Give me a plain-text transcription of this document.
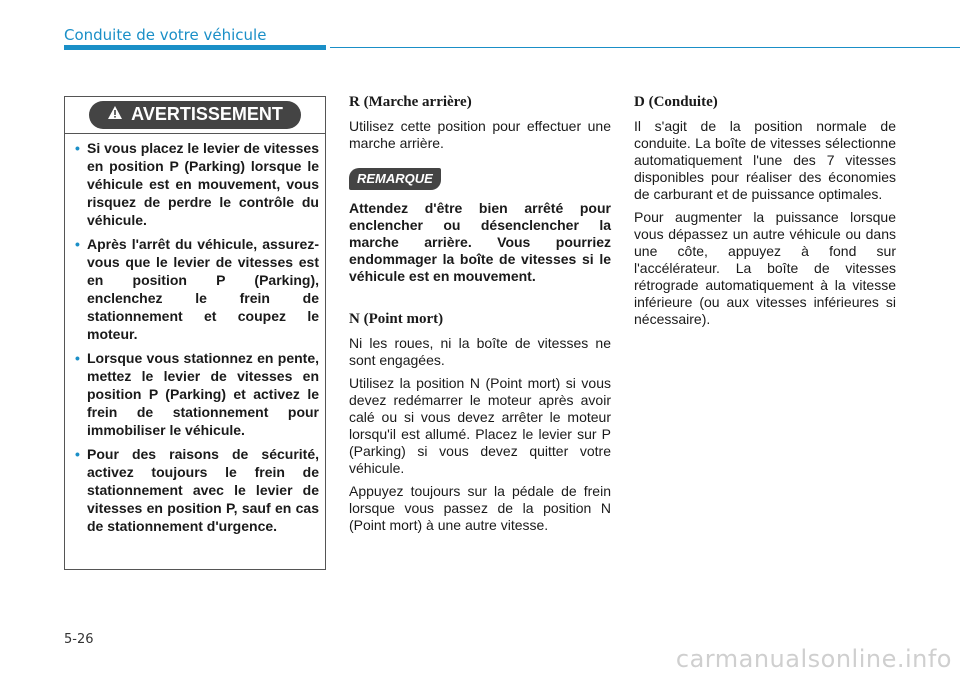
Conduite de votre véhicule
AVERTISSEMENT
• Si vous placez le levier de vitesses en position P (Parking) lorsque le véhicule est en mouvement, vous risquez de perdre le contrôle du véhicule.
• Après l'arrêt du véhicule, assurez-vous que le levier de vitesses est en position P (Parking), enclenchez le frein de stationnement et coupez le moteur.
• Lorsque vous stationnez en pente, mettez le levier de vitesses en position P (Parking) et activez le frein de stationnement pour immobiliser le véhicule.
• Pour des raisons de sécurité, activez toujours le frein de stationnement avec le levier de vitesses en position P, sauf en cas de stationnement d'urgence.
R (Marche arrière)

Utilisez cette position pour effectuer une marche arrière.

REMARQUE

Attendez d'être bien arrêté pour enclencher ou désenclencher la marche arrière. Vous pourriez endommager la boîte de vitesses si le véhicule est en mouvement.

N (Point mort)

Ni les roues, ni la boîte de vitesses ne sont engagées.

Utilisez la position N (Point mort) si vous devez redémarrer le moteur après avoir calé ou si vous devez arrêter le moteur lorsqu'il est allumé. Placez le levier sur P (Parking) si vous devez quitter votre véhicule.

Appuyez toujours sur la pédale de frein lorsque vous passez de la position N (Point mort) à une autre vitesse.

D (Conduite)

Il s'agit de la position normale de conduite. La boîte de vitesses sélectionne automatiquement l'une des 7 vitesses disponibles pour réaliser des économies de carburant et de puissance optimales.

Pour augmenter la puissance lorsque vous dépassez un autre véhicule ou dans une côte, appuyez à fond sur l'accélérateur. La boîte de vitesses rétrograde automatiquement à la vitesse inférieure (ou aux vitesses inférieures si nécessaire).

5-26
carmanualsonline.info
